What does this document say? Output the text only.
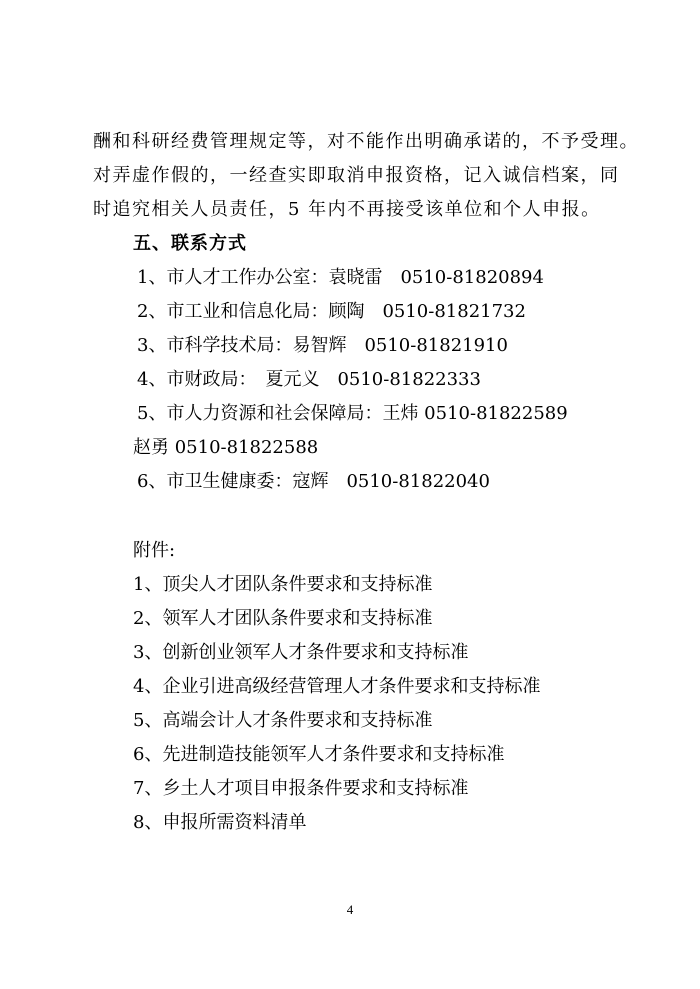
酬和科研经费管理规定等，对不能作出明确承诺的，不予受理。
对弄虚作假的，一经查实即取消申报资格，记入诚信档案，同
时追究相关人员责任，5 年内不再接受该单位和个人申报。
五、联系方式
1、市人才工作办公室：袁晓雷　0510-81820894
2、市工业和信息化局：顾陶　0510-81821732
3、市科学技术局：易智辉　0510-81821910
4、市财政局：　夏元义　0510-81822333
5、市人力资源和社会保障局：王炜 0510-81822589
赵勇 0510-81822588
6、市卫生健康委：寇辉　0510-81822040
附件:
1、顶尖人才团队条件要求和支持标准
2、领军人才团队条件要求和支持标准
3、创新创业领军人才条件要求和支持标准
4、企业引进高级经营管理人才条件要求和支持标准
5、高端会计人才条件要求和支持标准
6、先进制造技能领军人才条件要求和支持标准
7、乡土人才项目申报条件要求和支持标准
8、申报所需资料清单
4
